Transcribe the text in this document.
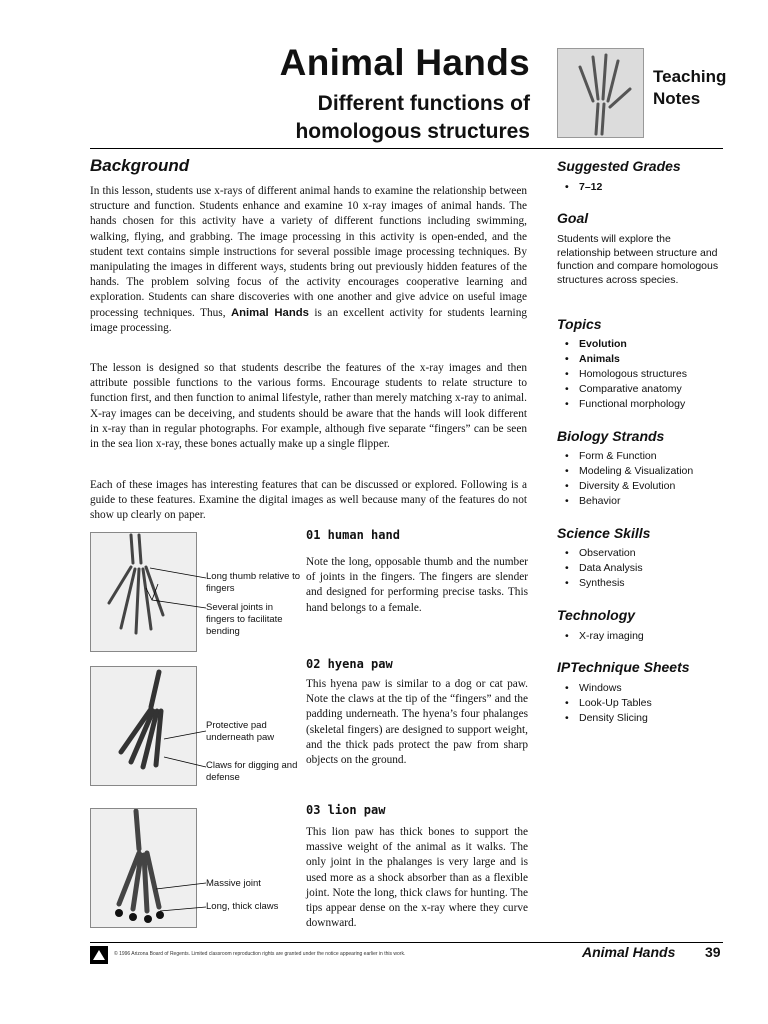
Animal Hands
Different functions of
homologous structures
Teaching
Notes
Background
In this lesson, students use x-rays of different animal hands to examine the relationship between structure and function. Students enhance and examine 10 x-ray images of animal hands. The hands chosen for this activity have a variety of different functions including swimming, walking, flying, and grabbing. The image processing in this activity is open-ended, and the student text contains simple instructions for several possible image processing techniques. By manipulating the images in different ways, students bring out previously hidden features of the hands. The problem solving focus of the activity encourages cooperative learning and exploration. Students can share discoveries with one another and give advice on useful image processing techniques. Thus, Animal Hands is an excellent activity for students learning image processing.
The lesson is designed so that students describe the features of the x-ray images and then attribute possible functions to the various forms. Encourage students to relate structure to function first, and then function to animal lifestyle, rather than merely matching x-ray to animal. X-ray images can be deceiving, and students should be aware that the hands will look different in x-ray than in regular photographs. For example, although five separate “fingers” can be seen in the sea lion x-ray, these bones actually make up a single flipper.
Each of these images has interesting features that can be discussed or explored. Following is a guide to these features. Examine the digital images as well because many of the features do not show up clearly on paper.
Long thumb relative to fingers
Several joints in fingers to facilitate bending
01 human hand
Note the long, opposable thumb and the number of joints in the fingers. The fingers are slender and designed for performing precise tasks. This hand belongs to a female.
Protective pad underneath paw
Claws for digging and defense
02 hyena paw
This hyena paw is similar to a dog or cat paw. Note the claws at the tip of the “fingers” and the padding underneath. The hyena’s four phalanges (skeletal fingers) are designed to support weight, and the thick pads protect the paw from sharp objects on the ground.
Massive joint
Long, thick claws
03 lion paw
This lion paw has thick bones to support the massive weight of the animal as it walks. The only joint in the phalanges is very large and is used more as a shock absorber than as a flexible joint. Note the long, thick claws for hunting. The tips appear dense on the x-ray where they curve downward.
Suggested Grades
• 7–12
Goal
Students will explore the relationship between structure and function and compare homologous structures across species.
Topics
• Evolution
• Animals
• Homologous structures
• Comparative anatomy
• Functional morphology
Biology Strands
• Form & Function
• Modeling & Visualization
• Diversity & Evolution
• Behavior
Science Skills
• Observation
• Data Analysis
• Synthesis
Technology
• X-ray imaging
IPTechnique Sheets
• Windows
• Look-Up Tables
• Density Slicing
© 1996 Arizona Board of Regents. Limited classroom reproduction rights are granted under the notice appearing earlier in this work.	Animal Hands 39
